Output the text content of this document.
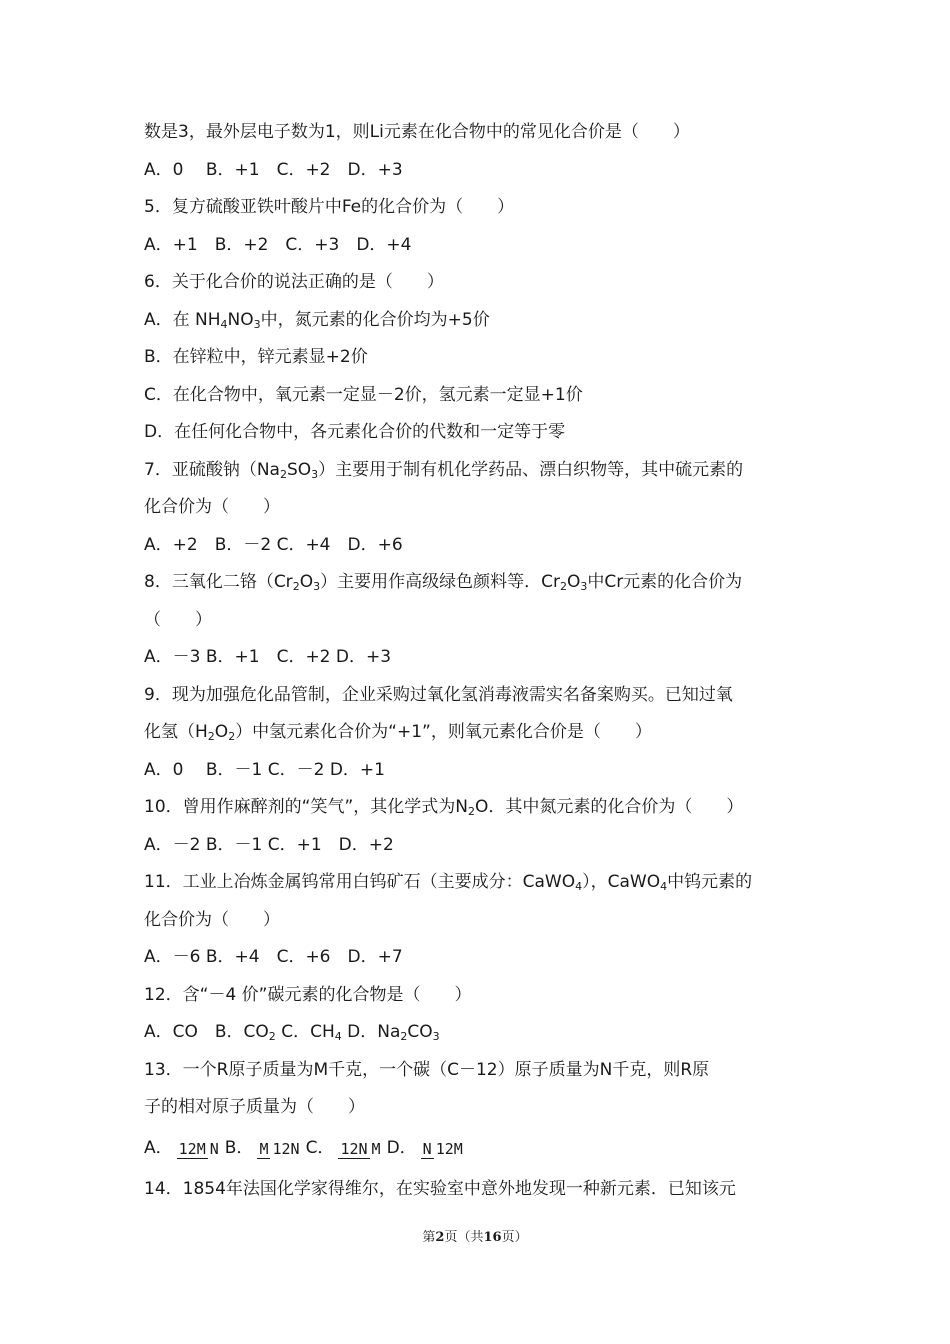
数是3，最外层电子数为1，则Li元素在化合物中的常见化合价是（　　）
A．0　 B．+1　C．+2　D．+3
5．复方硫酸亚铁叶酸片中Fe的化合价为（　　）
A．+1　B．+2　C．+3　D．+4
6．关于化合价的说法正确的是（　　）
A．在 $NH_4NO_3$中，氮元素的化合价均为+5价
B．在锌粒中，锌元素显+2价
C．在化合物中，氧元素一定显－2价，氢元素一定显+1价
D．在任何化合物中，各元素化合价的代数和一定等于零
7．亚硫酸钠$(Na_2SO_3)$主要用于制有机化学药品、漂白织物等，其中硫元素的
化合价为（　　）
A．+2　B．－2 C．+4　D．+6
8．三氧化二铬$(Cr_2O_3)$主要用作高级绿色颜料等．$Cr_2O_3$中Cr元素的化合价为
（　　）
A．－3 B．+1　C．+2 D．+3
9．现为加强危化品管制，企业采购过氧化氢消毒液需实名备案购买。已知过氧
化氢$(H_2O_2)$中氢元素化合价为“+1”，则氧元素化合价是（　　）
A．0　 B．－1 C．－2 D．+1
10．曾用作麻醉剂的“笑气”，其化学式为$N_2O$．其中氮元素的化合价为（　　）
A．－2 B．－1 C．+1　D．+2
11．工业上冶炼金属钨常用白钨矿石（主要成分：CaWO$_4$），CaWO$_4$中钨元素的
化合价为（　　）
A．－6 B．+4　C．+6　D．+7
12．含“－4 价”碳元素的化合物是（　　）
A．CO　B．$CO_2$ C．$CH_4$ D．$Na_2CO_3$
13．一个R原子质量为M千克，一个碳（C－12）原子质量为N千克，则R原
子的相对原子质量为（　　）
A． 12M N B． M 12N C． 12N M D． N 12M
14．1854年法国化学家得维尔，在实验室中意外地发现一种新元素．已知该元
第2页（共16页）
